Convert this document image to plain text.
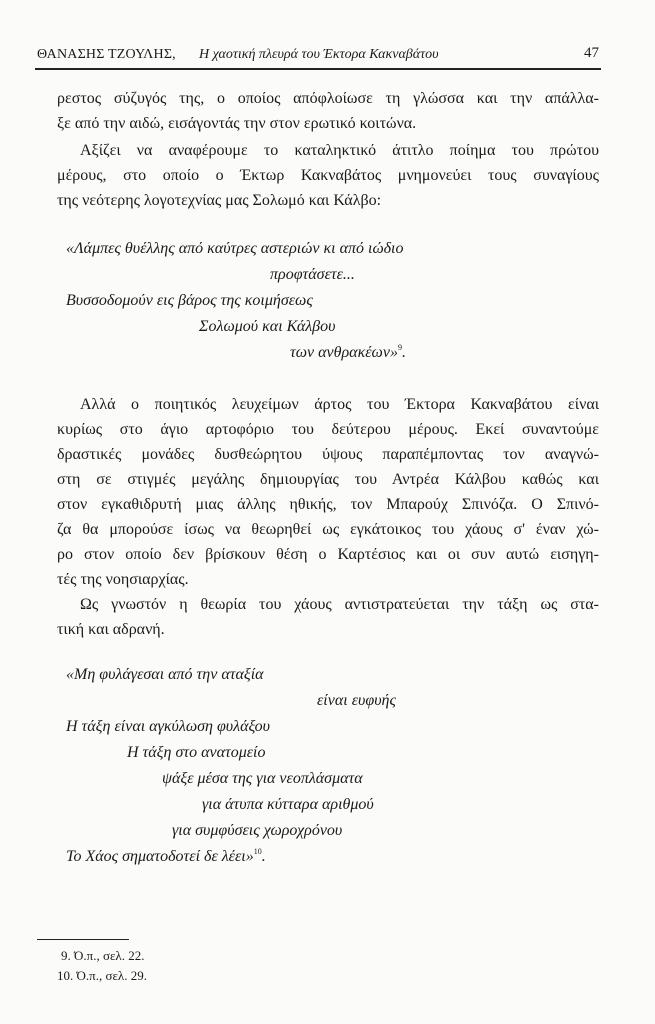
ΘΑΝΑΣΗΣ ΤΖΟΥΛΗΣ, Η χαοτική πλευρά του Έκτορα Κακναβάτου	47
ρεστος σύζυγός της, ο οποίος απόφλοίωσε τη γλώσσα και την απάλλα-
ξε από την αιδώ, εισάγοντάς την στον ερωτικό κοιτώνα.
Αξίζει να αναφέρουμε το καταληκτικό άτιτλο ποίημα του πρώτου
μέρους, στο οποίο ο Έκτωρ Κακναβάτος μνημονεύει τους συναγίους
της νεότερης λογοτεχνίας μας Σολωμό και Κάλβο:
«Λάμπες θυέλλης από καύτρες αστεριών κι από ιώδιο
προφτάσετε...
Βυσσοδομούν εις βάρος της κοιμήσεως
Σολωμού και Κάλβου
των ανθρακέων»$^9$.
Αλλά ο ποιητικός λευχείμων άρτος του Έκτορα Κακναβάτου είναι
κυρίως στο άγιο αρτοφόριο του δεύτερου μέρους. Εκεί συναντούμε
δραστικές μονάδες δυσθεώρητου ύψους παραπέμποντας τον αναγνώ-
στη σε στιγμές μεγάλης δημιουργίας του Αντρέα Κάλβου καθώς και
στον εγκαθιδρυτή μιας άλλης ηθικής, τον Μπαρούχ Σπινόζα. Ο Σπινό-
ζα θα μπορούσε ίσως να θεωρηθεί ως εγκάτοικος του χάους σ' έναν χώ-
ρο στον οποίο δεν βρίσκουν θέση ο Καρτέσιος και οι συν αυτώ εισηγη-
τές της νοησιαρχίας.
Ως γνωστόν η θεωρία του χάους αντιστρατεύεται την τάξη ως στα-
τική και αδρανή.
«Μη φυλάγεσαι από την αταξία
είναι ευφυής
Η τάξη είναι αγκύλωση φυλάξου
Η τάξη στο ανατομείο
ψάξε μέσα της για νεοπλάσματα
για άτυπα κύτταρα αριθμού
για συμφύσεις χωροχρόνου
Το Χάος σηματοδοτεί δε λέει»$^{10}$.
9. Ό.π., σελ. 22.
10. Ό.π., σελ. 29.
